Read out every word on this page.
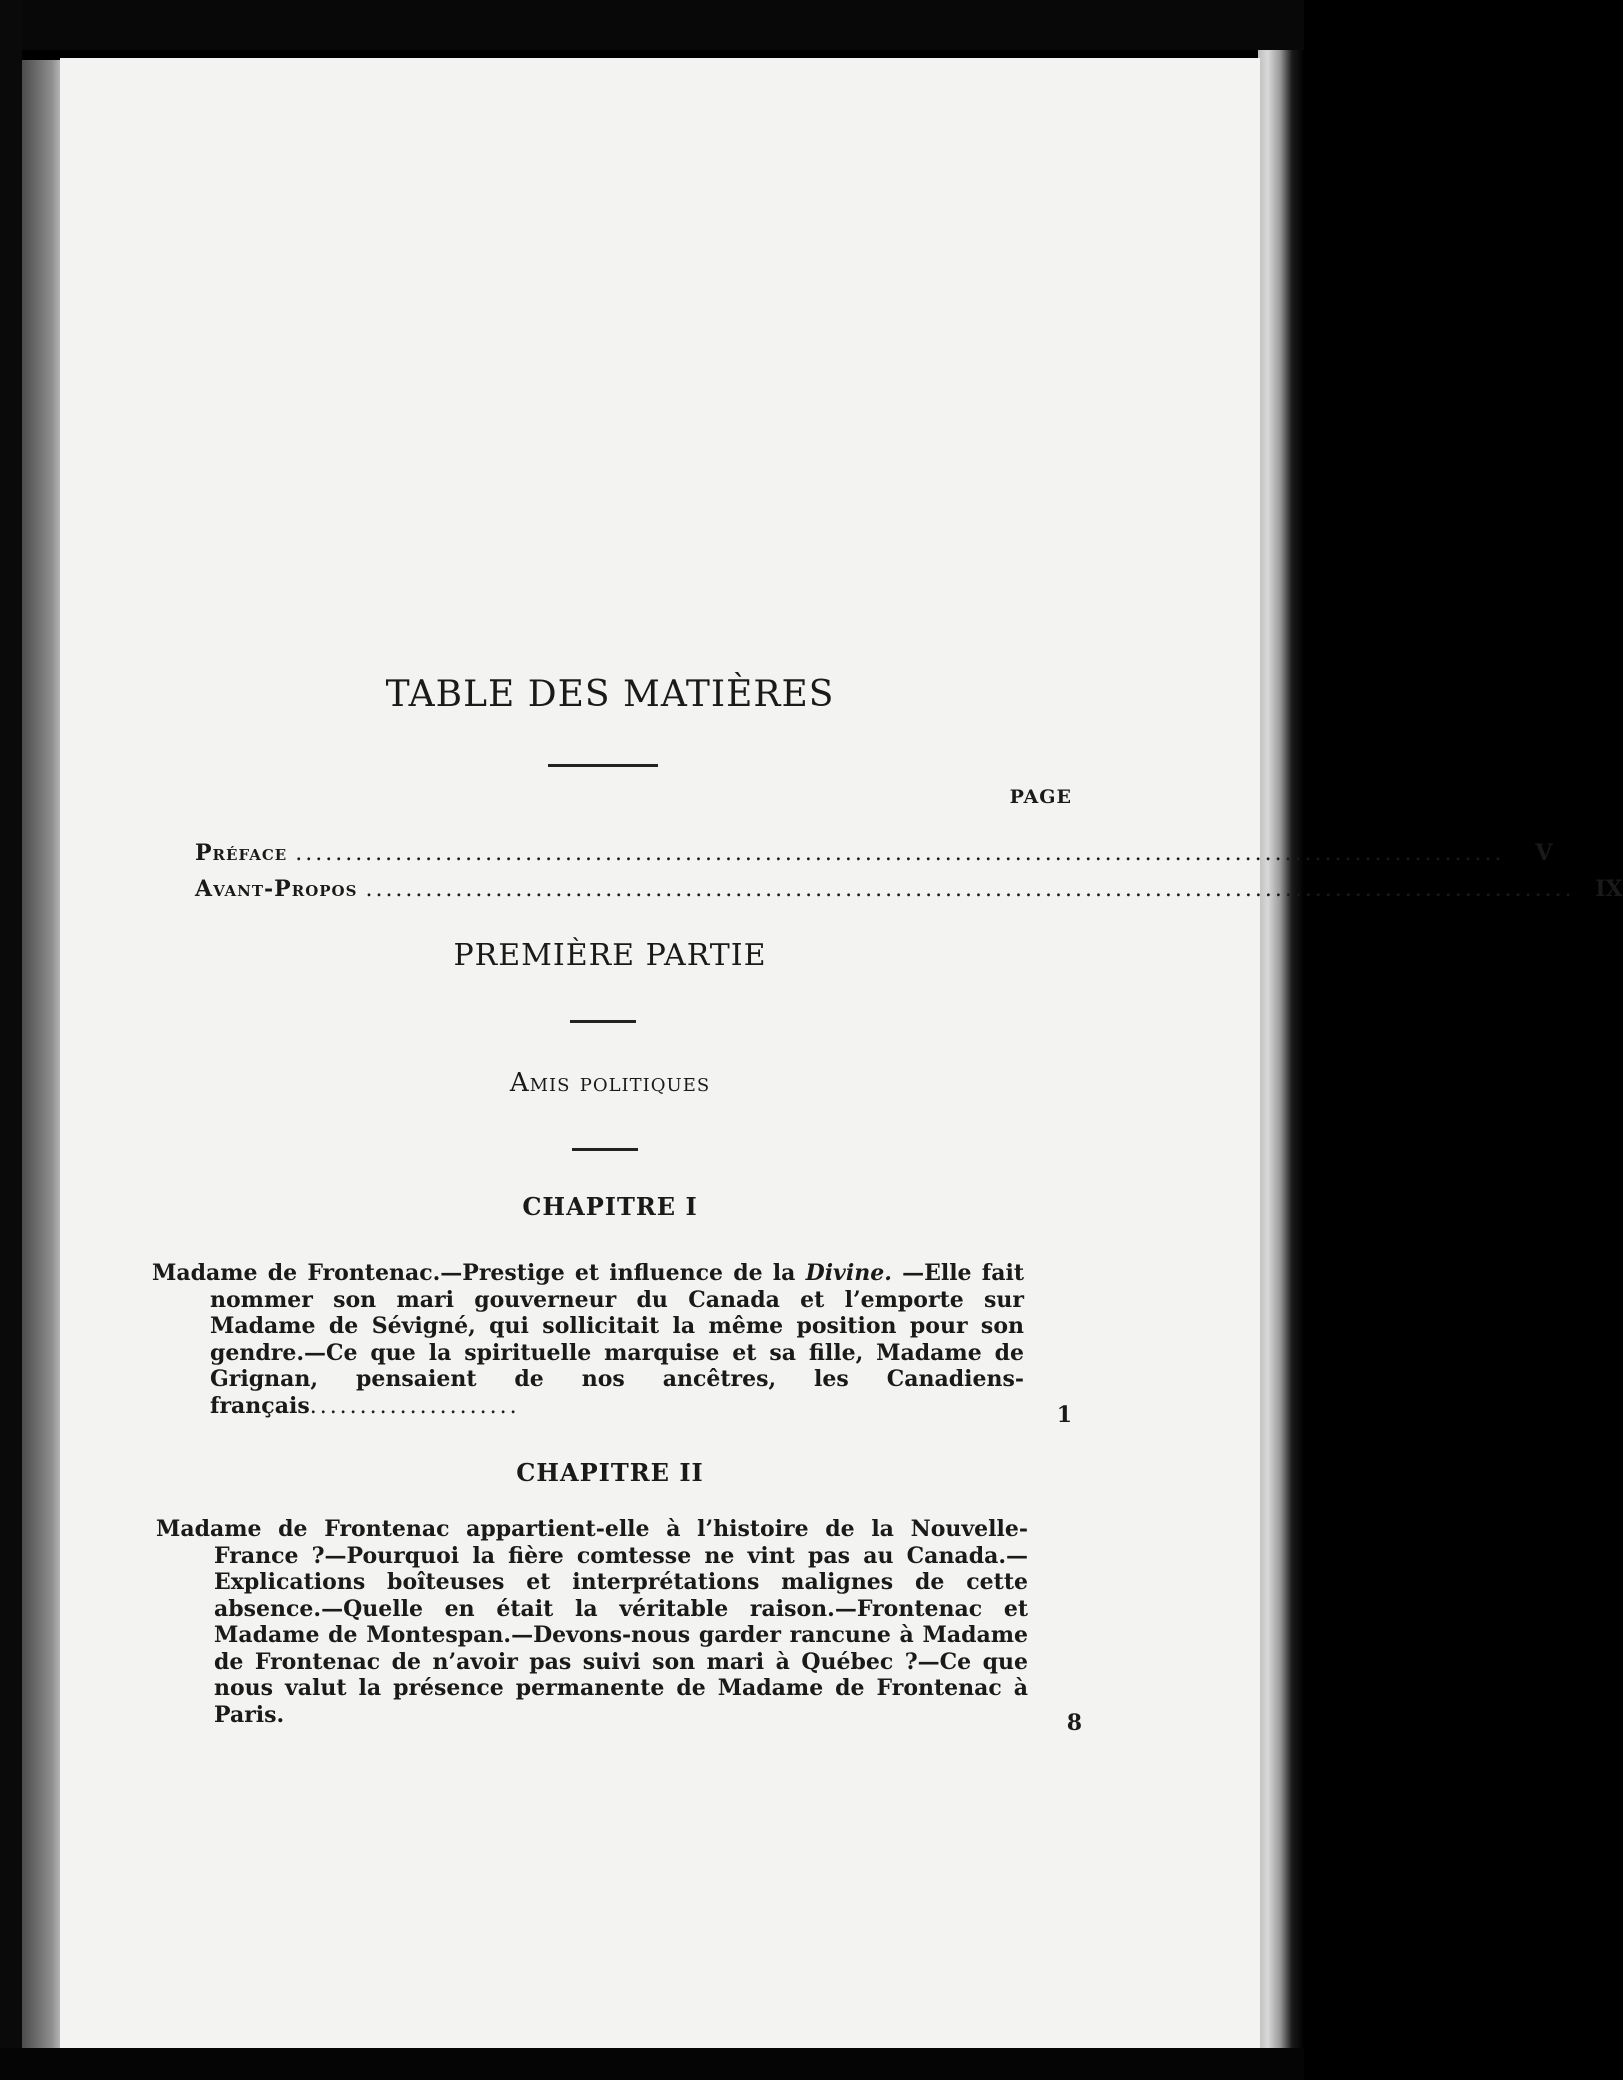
TABLE DES MATIÈRES
PAGE
Préface .........................................................................................................................	V
Avant-Propos ......................................................................................................................... IX
PREMIÈRE PARTIE
Amis politiques
CHAPITRE I

Madame de Frontenac.—Prestige et influence de la Divine. —Elle fait nommer son mari gouverneur du Canada et l’emporte sur Madame de Sévigné, qui sollicitait la même position pour son gendre.—Ce que la spirituelle marquise et sa fille, Madame de Grignan, pensaient de nos ancêtres, les Canadiens-français.....................	1
CHAPITRE II

Madame de Frontenac appartient-elle à l’histoire de la Nouvelle-France ?—Pourquoi la fière comtesse ne vint pas au Canada.—Explications boîteuses et interprétations malignes de cette absence.—Quelle en était la véritable raison.—Frontenac et Madame de Montespan.—Devons-nous garder rancune à Madame de Frontenac de n’avoir pas suivi son mari à Québec ?—Ce que nous valut la présence permanente de Madame de Frontenac à Paris.	8
